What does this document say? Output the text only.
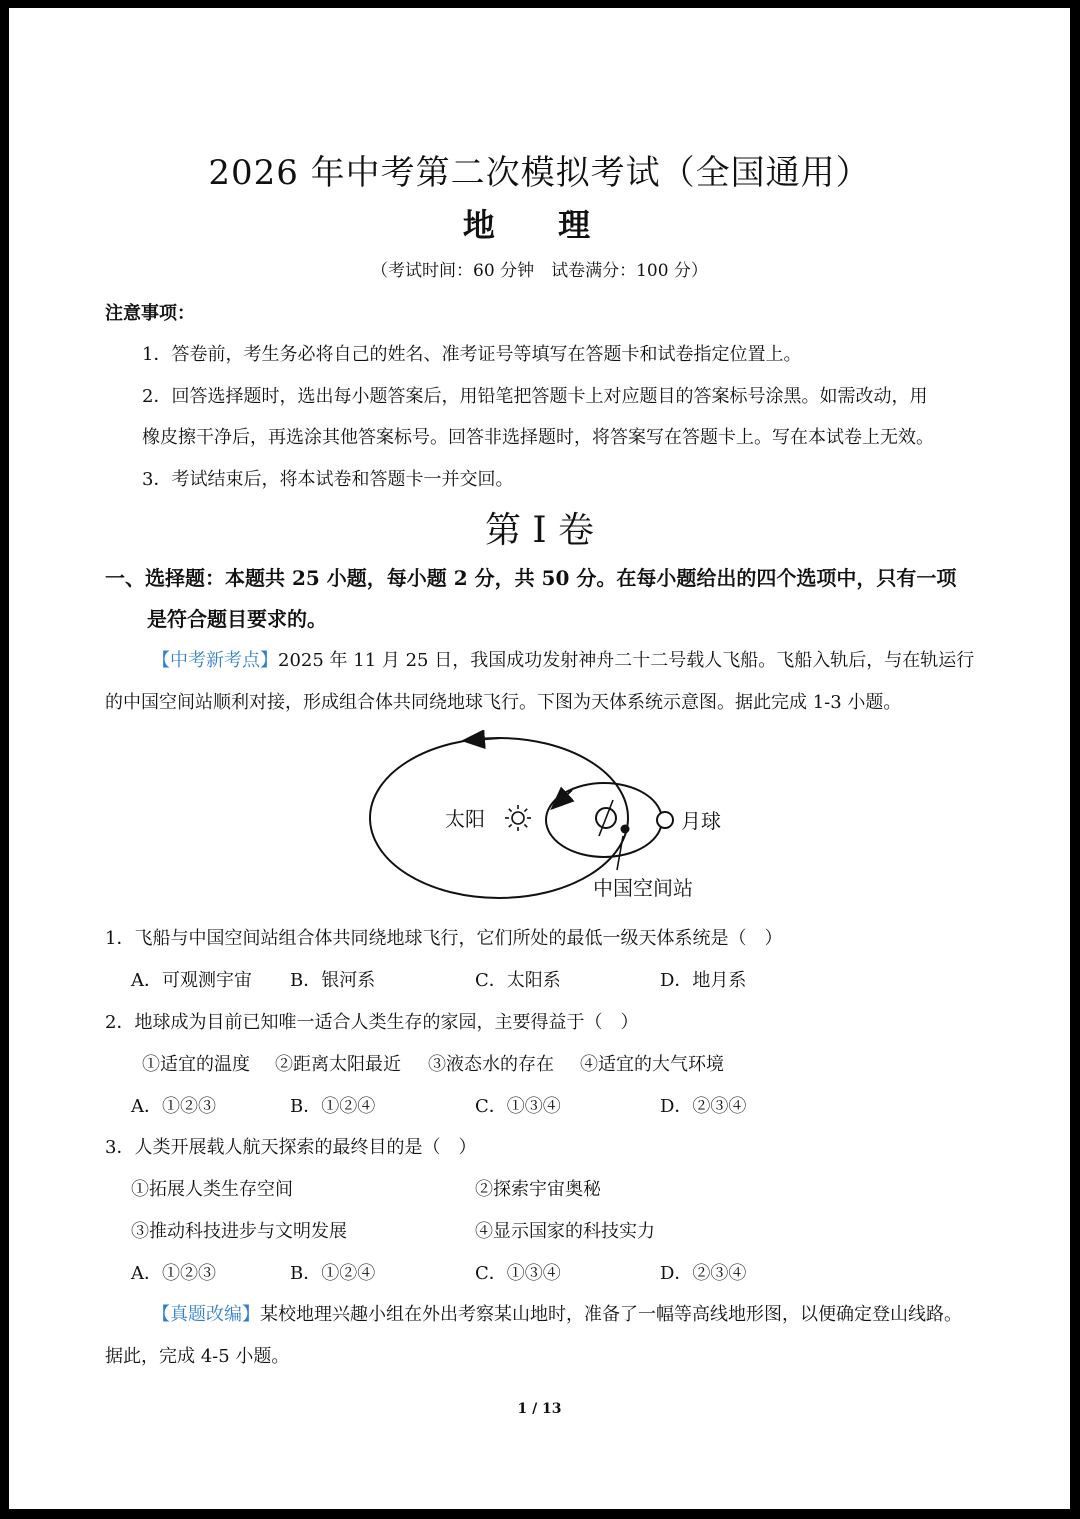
2026 年中考第二次模拟考试（全国通用）
地 理
（考试时间：60 分钟　试卷满分：100 分）
注意事项：
1．答卷前，考生务必将自己的姓名、准考证号等填写在答题卡和试卷指定位置上。
2．回答选择题时，选出每小题答案后，用铅笔把答题卡上对应题目的答案标号涂黑。如需改动，用
橡皮擦干净后，再选涂其他答案标号。回答非选择题时，将答案写在答题卡上。写在本试卷上无效。
3．考试结束后，将本试卷和答题卡一并交回。
第 I 卷
一、选择题：本题共 25 小题，每小题 2 分，共 50 分。在每小题给出的四个选项中，只有一项
是符合题目要求的。
【中考新考点】2025 年 11 月 25 日，我国成功发射神舟二十二号载人飞船。飞船入轨后，与在轨运行
的中国空间站顺利对接，形成组合体共同绕地球飞行。下图为天体系统示意图。据此完成 1-3 小题。
太阳	月球
中国空间站
1．飞船与中国空间站组合体共同绕地球飞行，它们所处的最低一级天体系统是（　）
A．可观测宇宙 B．银河系	C．太阳系	D．地月系
2．地球成为目前已知唯一适合人类生存的家园，主要得益于（　）
①适宜的温度 ②距离太阳最近 ③液态水的存在 ④适宜的大气环境
A．①②③	B．①②④	C．①③④	D．②③④
3．人类开展载人航天探索的最终目的是（　）
①拓展人类生存空间	②探索宇宙奥秘
③推动科技进步与文明发展	④显示国家的科技实力
A．①②③	B．①②④	C．①③④	D．②③④
【真题改编】某校地理兴趣小组在外出考察某山地时，准备了一幅等高线地形图，以便确定登山线路。
据此，完成 4-5 小题。
1 / 13
